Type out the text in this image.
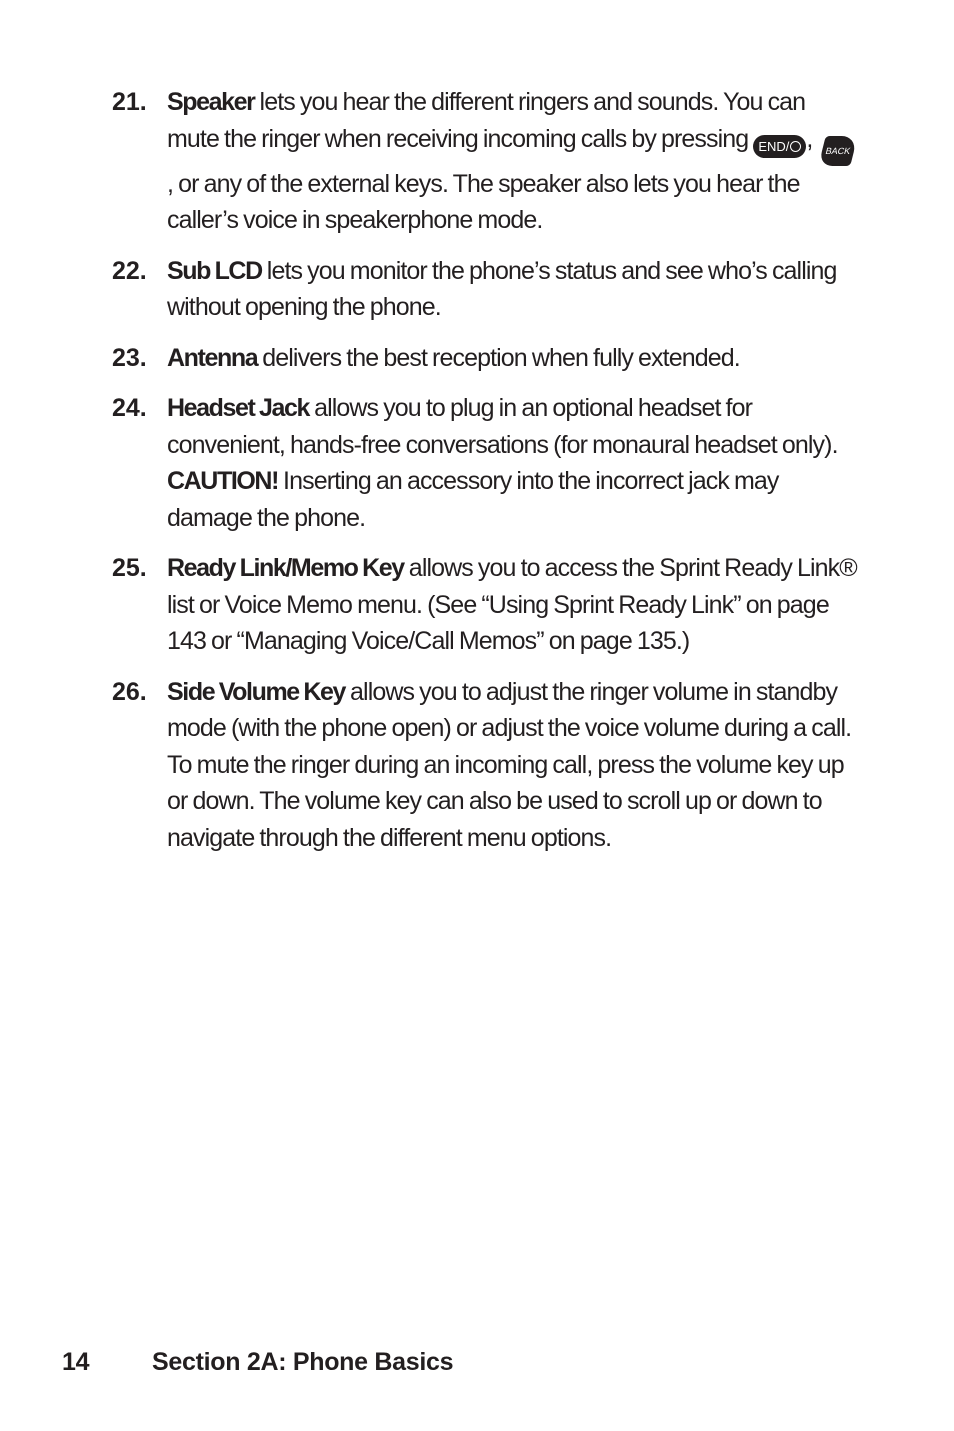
21. Speaker lets you hear the different ringers and sounds. You can mute the ringer when receiving incoming calls by pressing END/ , BACK, or any of the external keys. The speaker also lets you hear the caller’s voice in speakerphone mode.
22. Sub LCD lets you monitor the phone’s status and see who’s calling without opening the phone.
23. Antenna delivers the best reception when fully extended.
24. Headset Jack allows you to plug in an optional headset for convenient, hands-free conversations (for monaural headset only). CAUTION! Inserting an accessory into the incorrect jack may damage the phone.
25. Ready Link/Memo Key allows you to access the Sprint Ready Link® list or Voice Memo menu. (See “Using Sprint Ready Link” on page 143 or “Managing Voice/Call Memos” on page 135.)
26. Side Volume Key allows you to adjust the ringer volume in standby mode (with the phone open) or adjust the voice volume during a call. To mute the ringer during an incoming call, press the volume key up or down. The volume key can also be used to scroll up or down to navigate through the different menu options.
14	Section 2A: Phone Basics
